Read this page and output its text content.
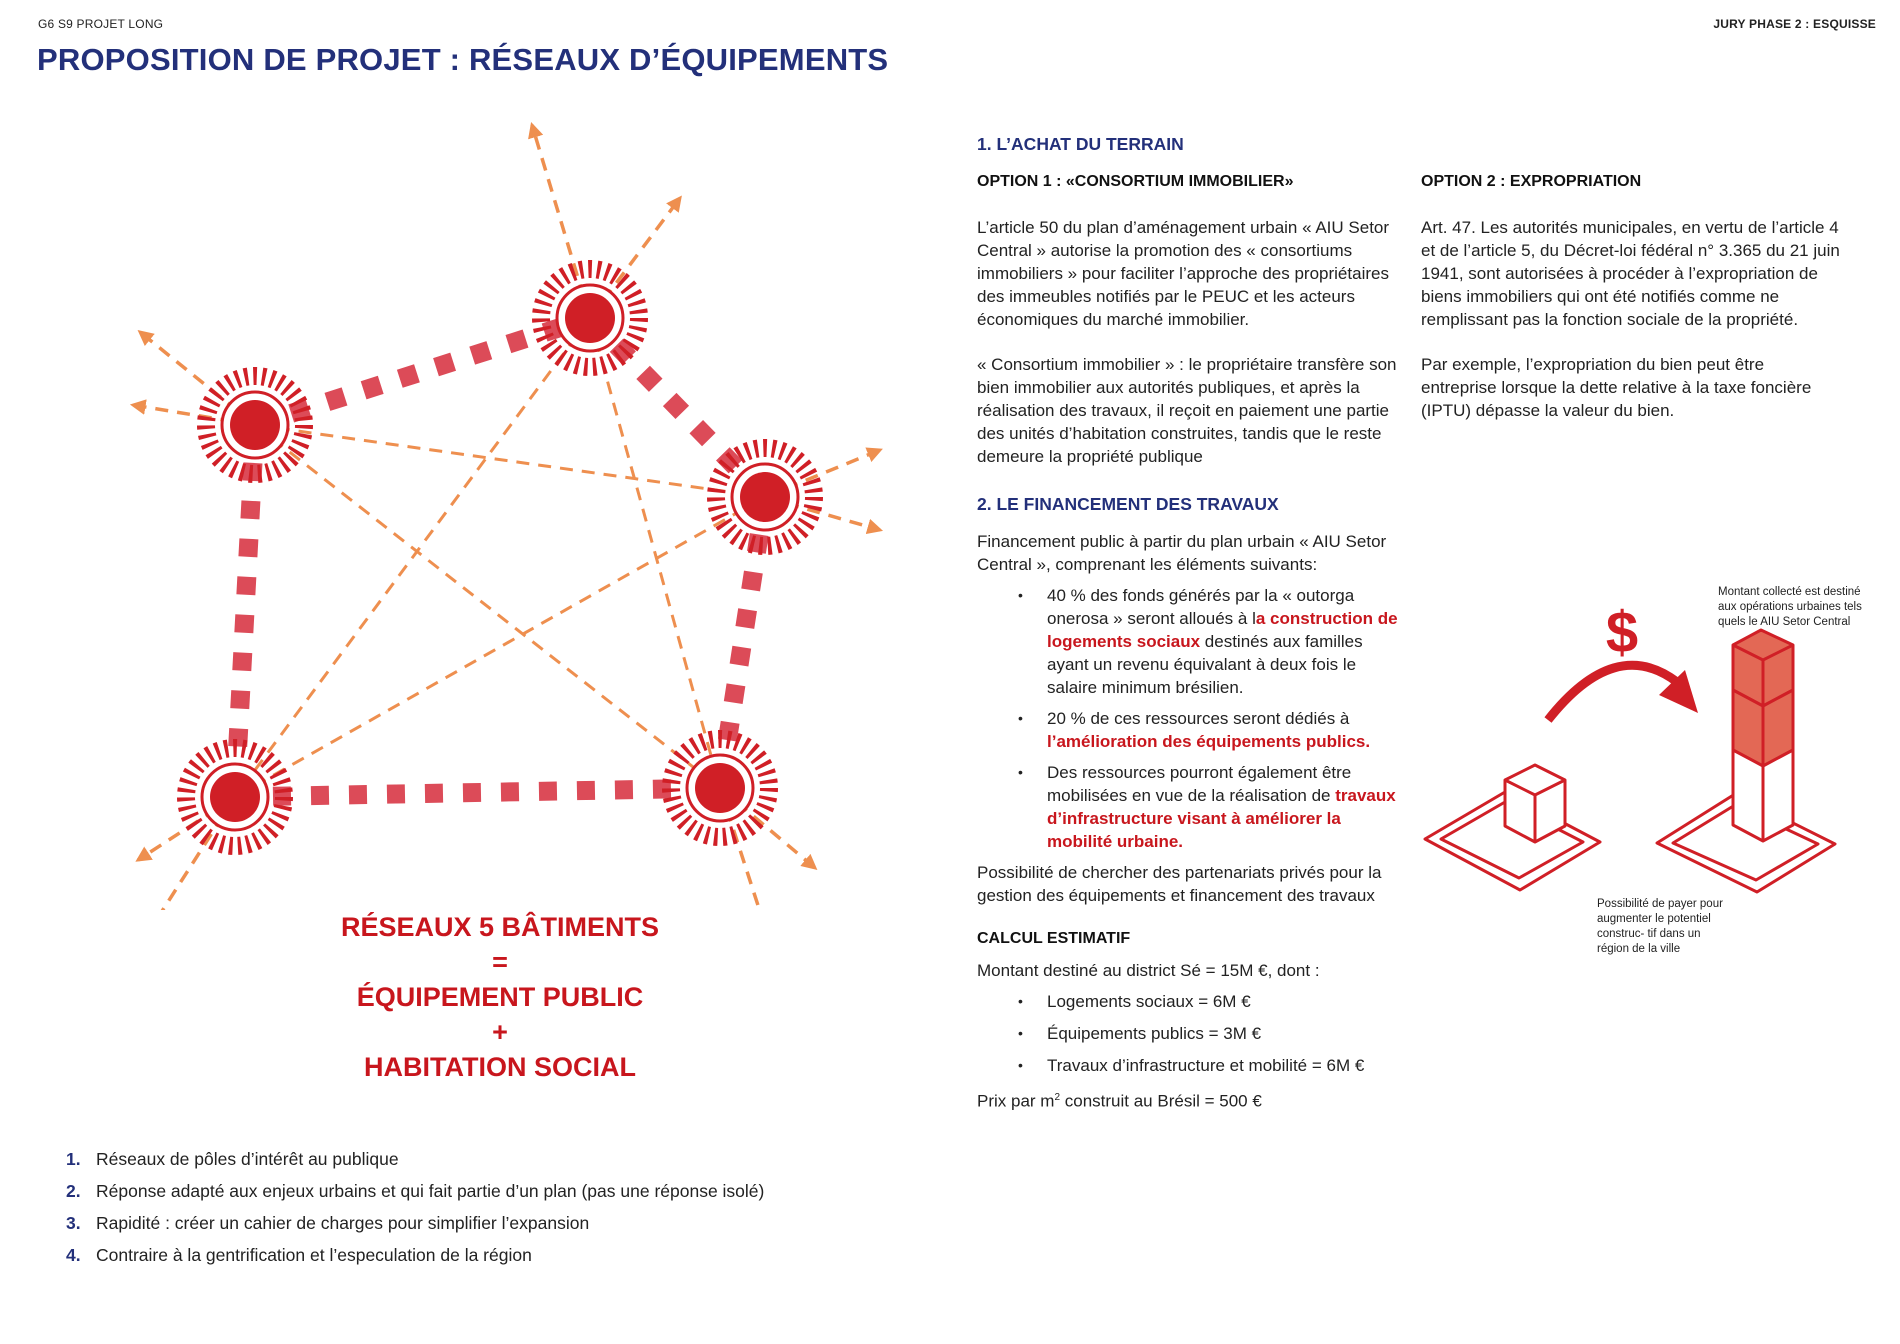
G6 S9 PROJET LONG	JURY PHASE 2 : ESQUISSE
PROPOSITION DE PROJET : RÉSEAUX D’ÉQUIPEMENTS
RÉSEAUX 5 BÂTIMENTS
=
ÉQUIPEMENT PUBLIC
+
HABITATION SOCIAL
1. Réseaux de pôles d’intérêt au publique
2. Réponse adapté aux enjeux urbains et qui fait partie d’un plan (pas une réponse isolé)
3. Rapidité : créer un cahier de charges pour simplifier l’expansion
4. Contraire à la gentrification et l’especulation de la région
1. L’ACHAT DU TERRAIN
OPTION 1 : «CONSORTIUM IMMOBILIER»

L’article 50 du plan d’aménagement urbain « AIU Setor Central » autorise la promotion des « consortiums immobiliers » pour faciliter l’approche des propriétaires des immeubles notifiés par le PEUC et les acteurs économiques du marché immobilier.

« Consortium immobilier » : le propriétaire transfère son bien immobilier aux autorités publiques, et après la réalisation des travaux, il reçoit en paiement une partie des unités d’habitation construites, tandis que le reste demeure la propriété publique

2. LE FINANCEMENT DES TRAVAUX

Financement public à partir du plan urbain « AIU Setor Central », comprenant les éléments suivants:

• 40 % des fonds générés par la « outorga onerosa » seront alloués à la construction de logements sociaux destinés aux familles ayant un revenu équivalant à deux fois le salaire minimum brésilien.
• 20 % de ces ressources seront dédiés à l’amélioration des équipements publics.
• Des ressources pourront également être mobilisées en vue de la réalisation de travaux d’infrastructure visant à améliorer la mobilité urbaine.

Possibilité de chercher des partenariats privés pour la gestion des équipements et financement des travaux

CALCUL ESTIMATIF

Montant destiné au district Sé = 15M €, dont :

• Logements sociaux = 6M €
• Équipements publics = 3M €
• Travaux d’infrastructure et mobilité = 6M €

Prix par $m^2$ construit au Brésil = 500 €

OPTION 2 : EXPROPRIATION

Art. 47. Les autorités municipales, en vertu de l’article 4 et de l’article 5, du Décret-loi fédéral n° 3.365 du 21 juin 1941, sont autorisées à procéder à l’expropriation de biens immobiliers qui ont été notifiés comme ne remplissant pas la fonction sociale de la propriété.

Par exemple, l’expropriation du bien peut être entreprise lorsque la dette relative à la taxe foncière (IPTU) dépasse la valeur du bien.

$
Montant collecté est destiné aux opérations urbaines tels quels le AIU Setor Central
Possibilité de payer pour augmenter le potentiel construc- tif dans un région de la ville
